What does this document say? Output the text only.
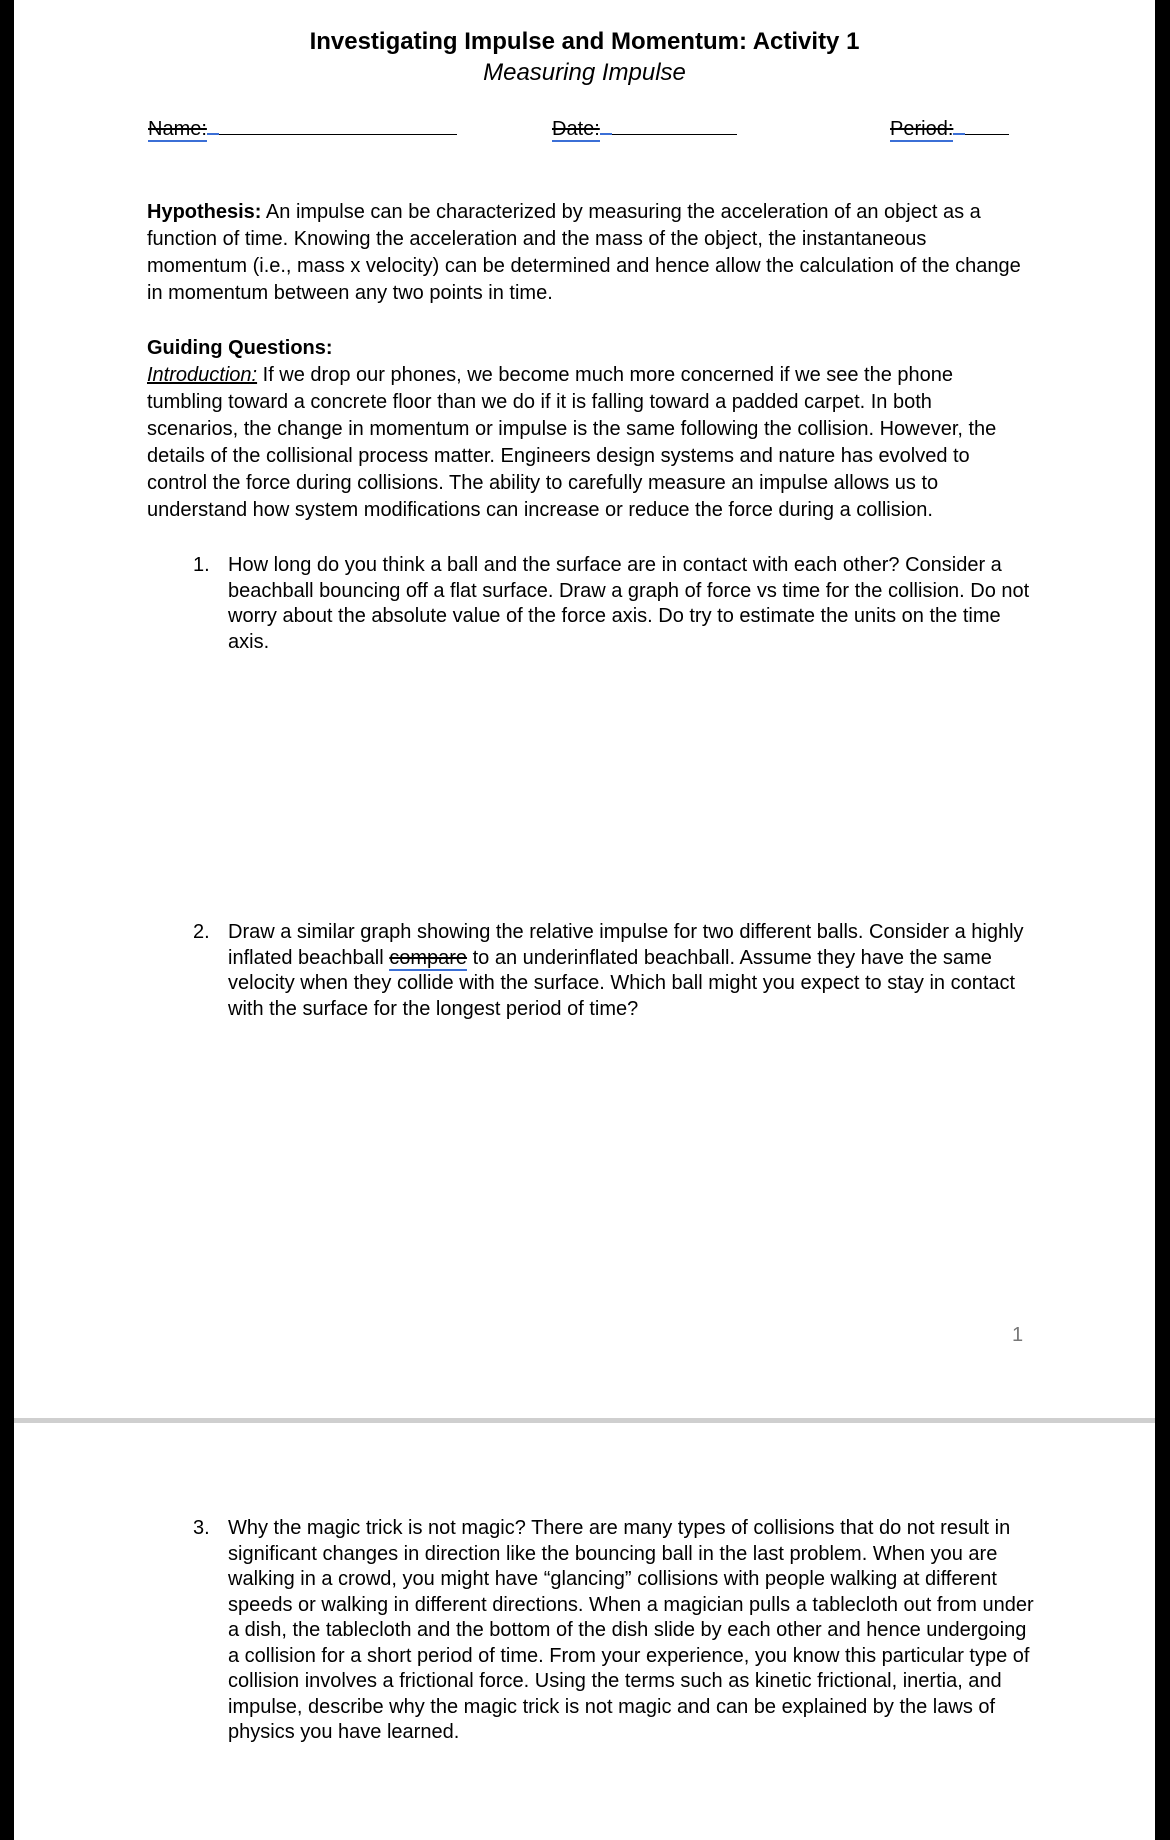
Investigating Impulse and Momentum: Activity 1
Measuring Impulse
Name:	Date:	Period:

Hypothesis: An impulse can be characterized by measuring the acceleration of an object as a function of time. Knowing the acceleration and the mass of the object, the instantaneous momentum (i.e., mass x velocity) can be determined and hence allow the calculation of the change in momentum between any two points in time.

Guiding Questions:

Introduction: If we drop our phones, we become much more concerned if we see the phone tumbling toward a concrete floor than we do if it is falling toward a padded carpet. In both scenarios, the change in momentum or impulse is the same following the collision. However, the details of the collisional process matter. Engineers design systems and nature has evolved to control the force during collisions. The ability to carefully measure an impulse allows us to understand how system modifications can increase or reduce the force during a collision.

1. How long do you think a ball and the surface are in contact with each other? Consider a beachball bouncing off a flat surface. Draw a graph of force vs time for the collision. Do not worry about the absolute value of the force axis. Do try to estimate the units on the time axis.
2. Draw a similar graph showing the relative impulse for two different balls. Consider a highly inflated beachball compare to an underinflated beachball. Assume they have the same velocity when they collide with the surface. Which ball might you expect to stay in contact with the surface for the longest period of time?
1
3. Why the magic trick is not magic? There are many types of collisions that do not result in significant changes in direction like the bouncing ball in the last problem. When you are walking in a crowd, you might have “glancing” collisions with people walking at different speeds or walking in different directions. When a magician pulls a tablecloth out from under a dish, the tablecloth and the bottom of the dish slide by each other and hence undergoing a collision for a short period of time. From your experience, you know this particular type of collision involves a frictional force. Using the terms such as kinetic frictional, inertia, and impulse, describe why the magic trick is not magic and can be explained by the laws of physics you have learned.
